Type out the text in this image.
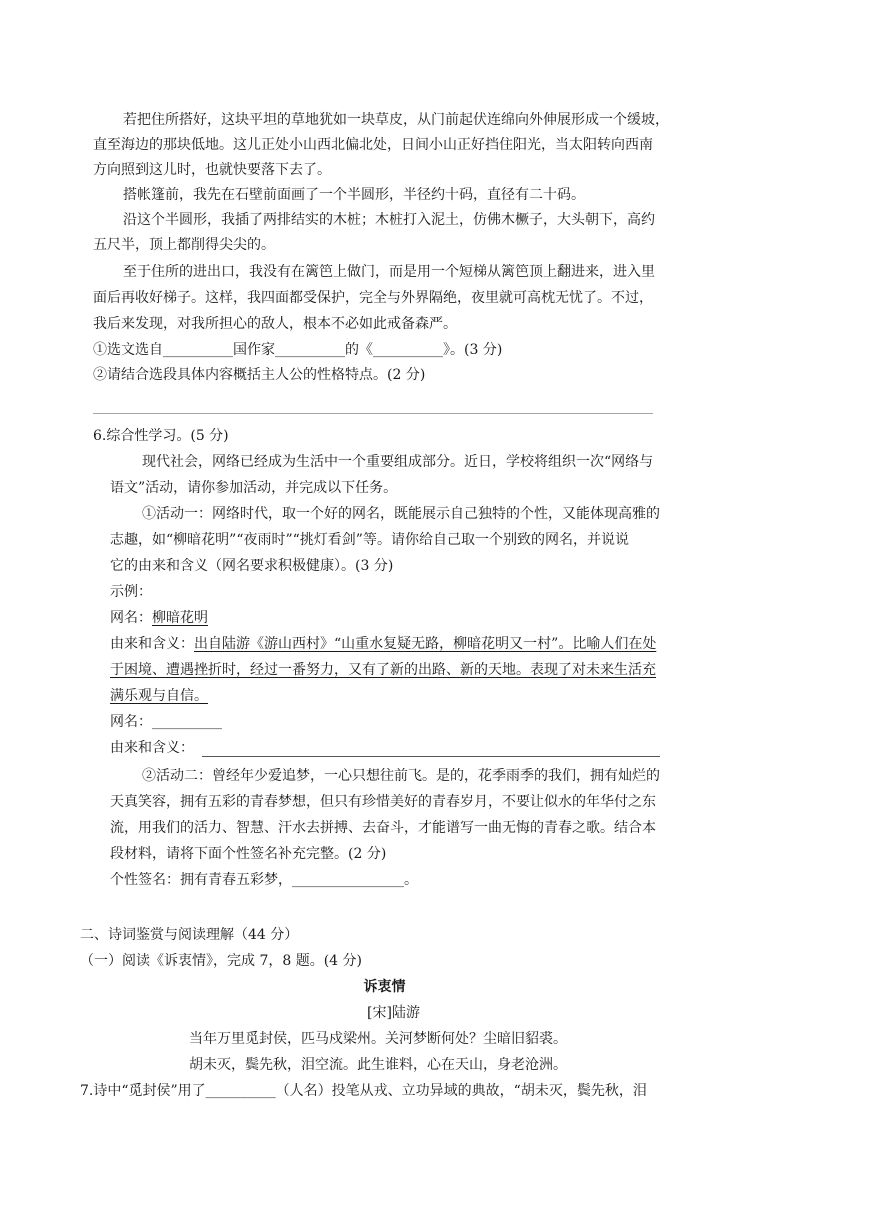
若把住所搭好，这块平坦的草地犹如一块草皮，从门前起伏连绵向外伸展形成一个缓坡，
直至海边的那块低地。这儿正处小山西北偏北处，日间小山正好挡住阳光，当太阳转向西南
方向照到这儿时，也就快要落下去了。
搭帐篷前，我先在石壁前面画了一个半圆形，半径约十码，直径有二十码。
沿这个半圆形，我插了两排结实的木桩；木桩打入泥土，仿佛木橛子，大头朝下，高约
五尺半，顶上都削得尖尖的。
至于住所的进出口，我没有在篱笆上做门，而是用一个短梯从篱笆顶上翻进来，进入里
面后再收好梯子。这样，我四面都受保护，完全与外界隔绝，夜里就可高枕无忧了。不过，
我后来发现，对我所担心的敌人，根本不必如此戒备森严。
①选文选自__________国作家__________的《__________》。(3 分)
②请结合选段具体内容概括主人公的性格特点。(2 分)
6.综合性学习。(5 分)
现代社会，网络已经成为生活中一个重要组成部分。近日，学校将组织一次“网络与
语文”活动，请你参加活动，并完成以下任务。
①活动一：网络时代，取一个好的网名，既能展示自己独特的个性，又能体现高雅的
志趣，如“柳暗花明”“夜雨时”“挑灯看剑”等。请你给自己取一个别致的网名，并说说
它的由来和含义（网名要求积极健康）。(3 分)
示例：
网名：柳暗花明
由来和含义：出自陆游《游山西村》“山重水复疑无路，柳暗花明又一村”。比喻人们在处
于困境、遭遇挫折时，经过一番努力，又有了新的出路、新的天地。表现了对未来生活充
满乐观与自信。
网名：__________
由来和含义：
②活动二：曾经年少爱追梦，一心只想往前飞。是的，花季雨季的我们，拥有灿烂的
天真笑容，拥有五彩的青春梦想，但只有珍惜美好的青春岁月，不要让似水的年华付之东
流，用我们的活力、智慧、汗水去拼搏、去奋斗，才能谱写一曲无悔的青春之歌。结合本
段材料，请将下面个性签名补充完整。(2 分)
个性签名：拥有青春五彩梦，________________。
二、诗词鉴赏与阅读理解（44 分）
（一）阅读《诉衷情》，完成 7，8 题。(4 分)
诉衷情
[宋]陆游
当年万里觅封侯，匹马戍梁州。关河梦断何处？尘暗旧貂裘。
胡未灭，鬓先秋，泪空流。此生谁料，心在天山，身老沧洲。
7.诗中“觅封侯”用了__________（人名）投笔从戎、立功异域的典故，“胡未灭，鬓先秋，泪
